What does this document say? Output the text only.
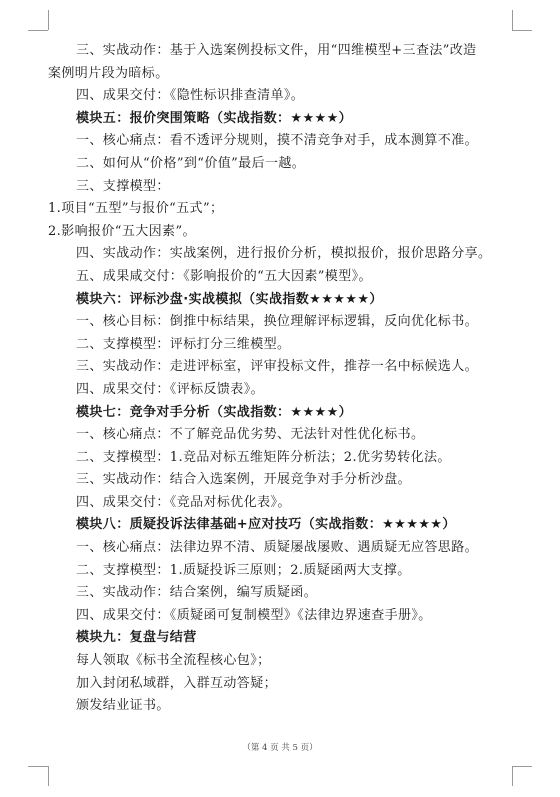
三、实战动作：基于入选案例投标文件，用“四维模型+三查法”改造
案例明片段为暗标。
四、成果交付：《隐性标识排查清单》。
模块五：报价突围策略（实战指数：★★★★）
一、核心痛点：看不透评分规则，摸不清竞争对手，成本测算不准。
二、如何从“价格”到“价值”最后一越。
三、支撑模型：
1.项目“五型”与报价“五式”；
2.影响报价“五大因素”。
四、实战动作：实战案例，进行报价分析，模拟报价，报价思路分享。
五、成果咸交付：《影响报价的“五大因素”模型》。
模块六：评标沙盘·实战模拟（实战指数★★★★★）
一、核心目标：倒推中标结果，换位理解评标逻辑，反向优化标书。
二、支撑模型：评标打分三维模型。
三、实战动作：走进评标室，评审投标文件，推荐一名中标候选人。
四、成果交付：《评标反馈表》。
模块七：竞争对手分析（实战指数：★★★★）
一、核心痛点：不了解竞品优劣势、无法针对性优化标书。
二、支撑模型：1.竞品对标五维矩阵分析法；2.优劣势转化法。
三、实战动作：结合入选案例，开展竞争对手分析沙盘。
四、成果交付：《竞品对标优化表》。
模块八：质疑投诉法律基础+应对技巧（实战指数：★★★★★）
一、核心痛点：法律边界不清、质疑屡战屡败、遇质疑无应答思路。
二、支撑模型：1.质疑投诉三原则；2.质疑函两大支撑。
三、实战动作：结合案例，编写质疑函。
四、成果交付：《质疑函可复制模型》《法律边界速查手册》。
模块九：复盘与结营
每人领取《标书全流程核心包》；
加入封闭私域群，入群互动答疑；
颁发结业证书。
（第 4 页 共 5 页）
